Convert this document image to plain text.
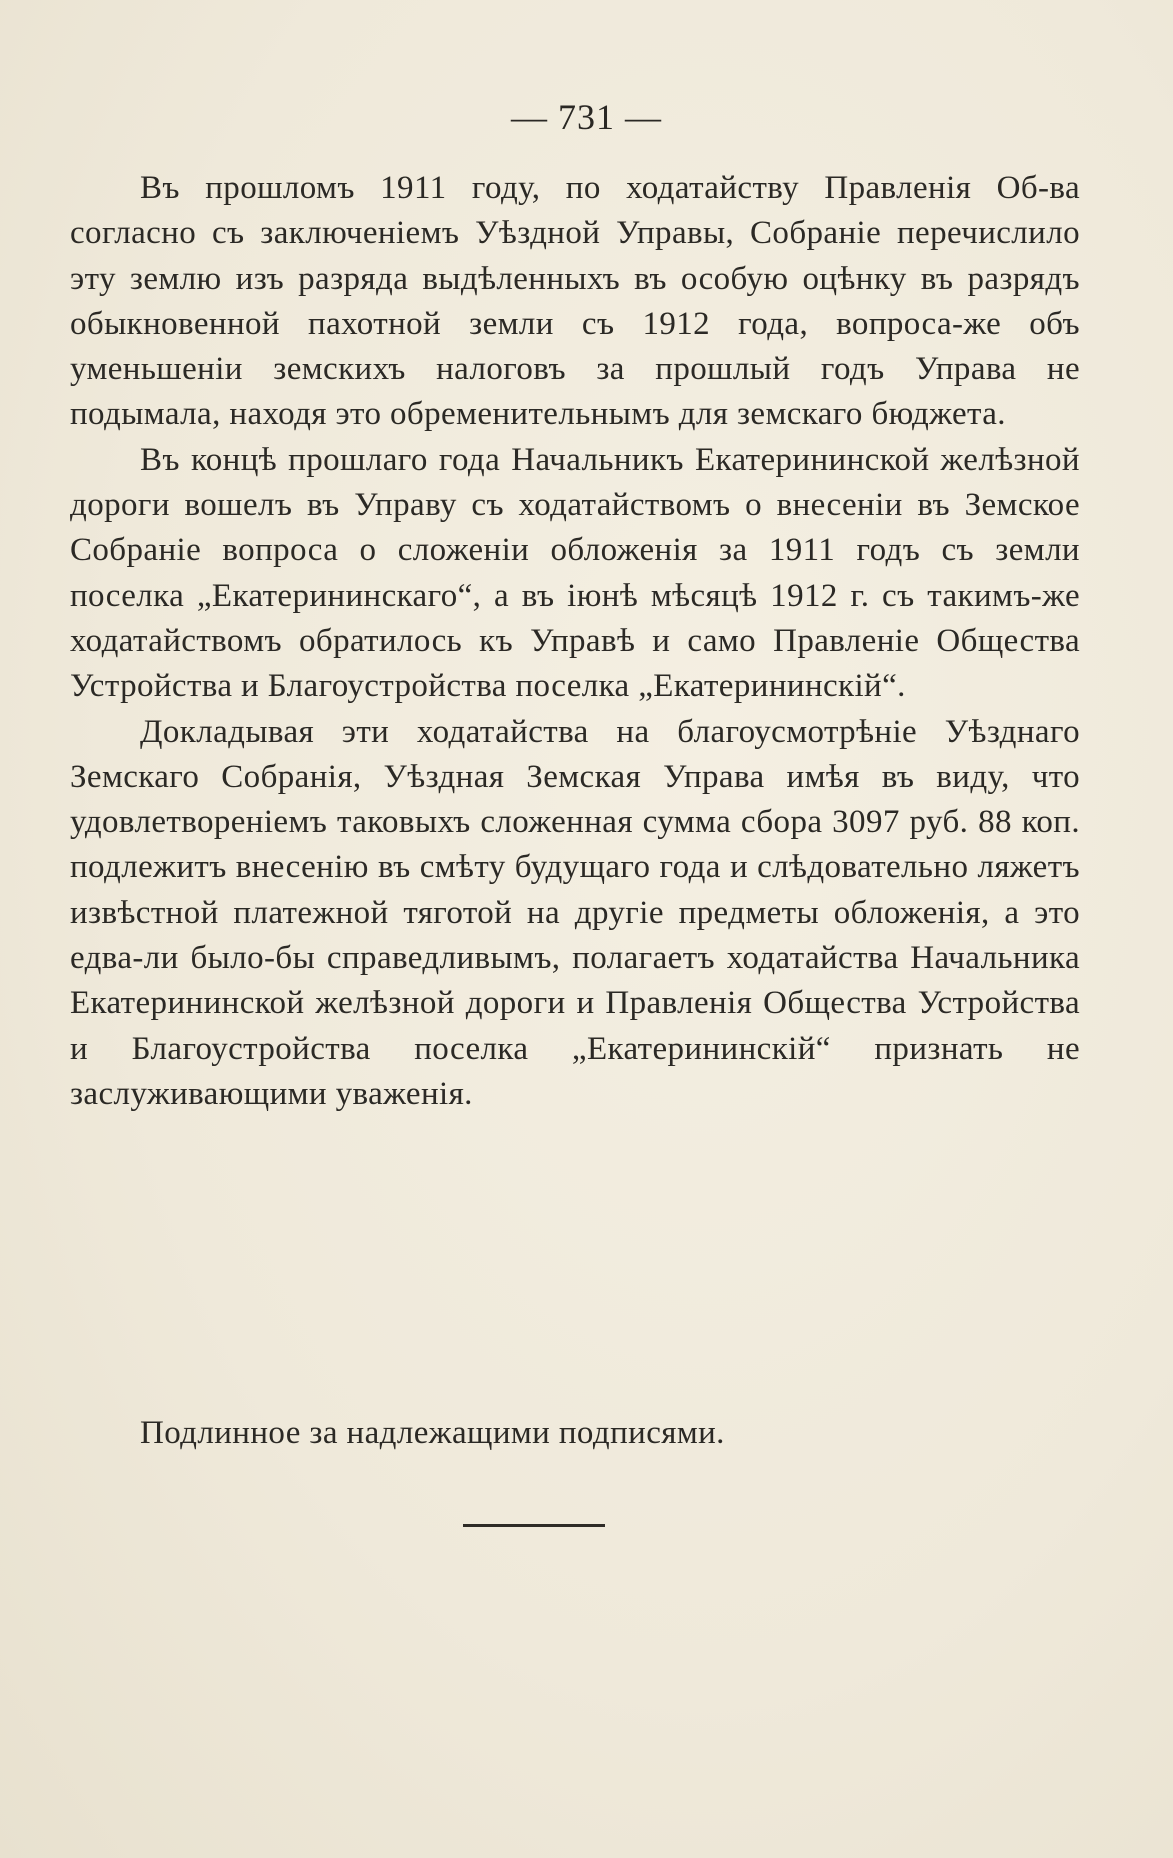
— 731 —

Въ прошломъ 1911 году, по ходатайству Правленія Об-ва согласно съ заключеніемъ Уѣздной Управы, Собраніе перечислило эту землю изъ разряда выдѣленныхъ въ особую оцѣнку въ разрядъ обыкновенной пахотной земли съ 1912 года, вопроса-же объ уменьшеніи земскихъ налоговъ за прошлый годъ Управа не подымала, находя это обременительнымъ для земскаго бюджета.

Въ концѣ прошлаго года Начальникъ Екатерининской желѣзной дороги вошелъ въ Управу съ ходатайствомъ о внесеніи въ Земское Собраніе вопроса о сложеніи обложенія за 1911 годъ съ земли поселка „Екатерининскаго“, а въ іюнѣ мѣсяцѣ 1912 г. съ такимъ-же ходатайствомъ обратилось къ Управѣ и само Правленіе Общества Устройства и Благоустройства поселка „Екатерининскій“.

Докладывая эти ходатайства на благоусмотрѣніе Уѣзднаго Земскаго Собранія, Уѣздная Земская Управа имѣя въ виду, что удовлетвореніемъ таковыхъ сложенная сумма сбора 3097 руб. 88 коп. подлежитъ внесенію въ смѣту будущаго года и слѣдовательно ляжетъ извѣстной платежной тяготой на другіе предметы обложенія, а это едва-ли было-бы справедливымъ, полагаетъ ходатайства Начальника Екатерининской желѣзной дороги и Правленія Общества Устройства и Благоустройства поселка „Екатерининскій“ признать не заслуживающими уваженія.

Подлинное за надлежащими подписями.
